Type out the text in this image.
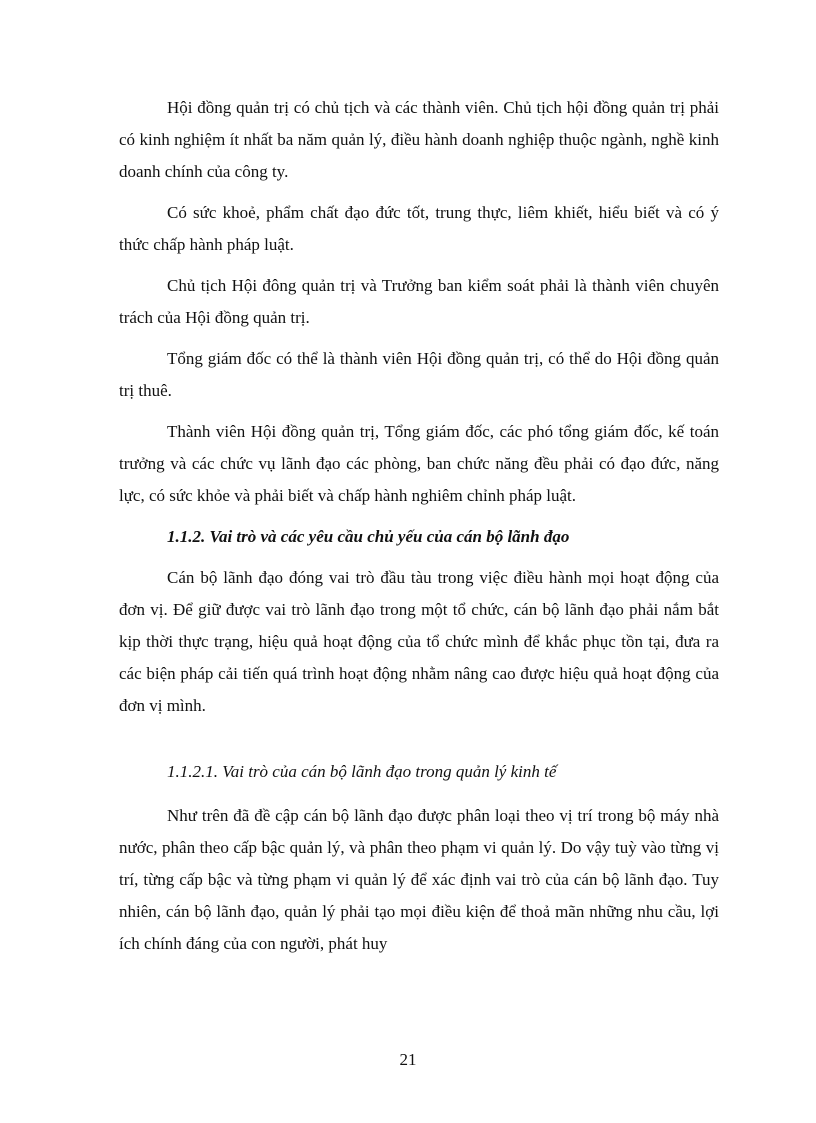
Hội đồng quản trị có chủ tịch và các thành viên. Chủ tịch hội đồng quản trị phải có kinh nghiệm ít nhất ba năm quản lý, điều hành doanh nghiệp thuộc ngành, nghề kinh doanh chính của công ty.

Có sức khoẻ, phẩm chất đạo đức tốt, trung thực, liêm khiết, hiểu biết và có ý thức chấp hành pháp luật.

Chủ tịch Hội đông quản trị và Trưởng ban kiểm soát phải là thành viên chuyên trách của Hội đồng quản trị.

Tổng giám đốc có thể là thành viên Hội đồng quản trị, có thể do Hội đồng quản trị thuê.

Thành viên Hội đồng quản trị, Tổng giám đốc, các phó tổng giám đốc, kế toán trưởng và các chức vụ lãnh đạo các phòng, ban chức năng đều phải có đạo đức, năng lực, có sức khỏe và phải biết và chấp hành nghiêm chỉnh pháp luật.

1.1.2. Vai trò và các yêu cầu chủ yếu của cán bộ lãnh đạo

Cán bộ lãnh đạo đóng vai trò đầu tàu trong việc điều hành mọi hoạt động của đơn vị. Để giữ được vai trò lãnh đạo trong một tổ chức, cán bộ lãnh đạo phải nắm bắt kịp thời thực trạng, hiệu quả hoạt động của tổ chức mình để khắc phục tồn tại, đưa ra các biện pháp cải tiến quá trình hoạt động nhằm nâng cao được hiệu quả hoạt động của đơn vị mình.

1.1.2.1. Vai trò của cán bộ lãnh đạo trong quản lý kinh tế

Như trên đã đề cập cán bộ lãnh đạo được phân loại theo vị trí trong bộ máy nhà nước, phân theo cấp bậc quản lý, và phân theo phạm vi quản lý. Do vậy tuỳ vào từng vị trí, từng cấp bậc và từng phạm vi quản lý để xác định vai trò của cán bộ lãnh đạo. Tuy nhiên, cán bộ lãnh đạo, quản lý phải tạo mọi điều kiện để thoả mãn những nhu cầu, lợi ích chính đáng của con người, phát huy

21
